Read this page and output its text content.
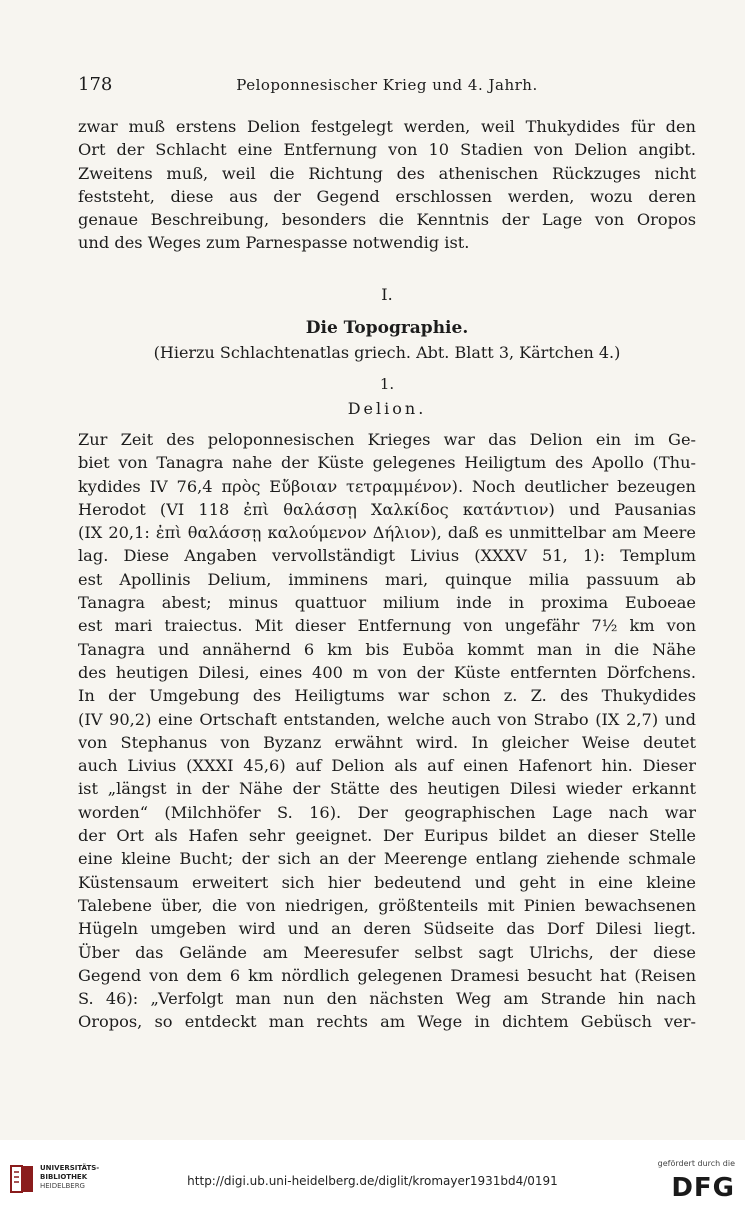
178	Peloponnesischer Krieg und 4. Jahrh.
zwar muß erstens Delion festgelegt werden, weil Thukydides für den
Ort der Schlacht eine Entfernung von 10 Stadien von Delion angibt.
Zweitens muß, weil die Richtung des athenischen Rückzuges nicht
feststeht, diese aus der Gegend erschlossen werden, wozu deren
genaue Beschreibung, besonders die Kenntnis der Lage von Oropos
und des Weges zum Parnespasse notwendig ist.
I.
Die Topographie.
(Hierzu Schlachtenatlas griech. Abt. Blatt 3, Kärtchen 4.)
1.
Delion.
Zur Zeit des peloponnesischen Krieges war das Delion ein im Ge-
biet von Tanagra nahe der Küste gelegenes Heiligtum des Apollo (Thu-
kydides IV 76,4 πρὸς Εὔβοιαν τετραμμένον). Noch deutlicher bezeugen
Herodot (VI 118 ἐπὶ θαλάσσῃ Χαλκίδος κατάντιον) und Pausanias
(IX 20,1: ἐπὶ θαλάσσῃ καλούμενον Δήλιον), daß es unmittelbar am Meere
lag. Diese Angaben vervollständigt Livius (XXXV 51, 1): Templum
est Apollinis Delium, imminens mari, quinque milia passuum ab
Tanagra abest; minus quattuor milium inde in proxima Euboeae
est mari traiectus. Mit dieser Entfernung von ungefähr 7½ km von
Tanagra und annähernd 6 km bis Euböa kommt man in die Nähe
des heutigen Dilesi, eines 400 m von der Küste entfernten Dörfchens.
In der Umgebung des Heiligtums war schon z. Z. des Thukydides
(IV 90,2) eine Ortschaft entstanden, welche auch von Strabo (IX 2,7) und
von Stephanus von Byzanz erwähnt wird. In gleicher Weise deutet
auch Livius (XXXI 45,6) auf Delion als auf einen Hafenort hin. Dieser
ist „längst in der Nähe der Stätte des heutigen Dilesi wieder erkannt
worden“ (Milchhöfer S. 16). Der geographischen Lage nach war
der Ort als Hafen sehr geeignet. Der Euripus bildet an dieser Stelle
eine kleine Bucht; der sich an der Meerenge entlang ziehende schmale
Küstensaum erweitert sich hier bedeutend und geht in eine kleine
Talebene über, die von niedrigen, größtenteils mit Pinien bewachsenen
Hügeln umgeben wird und an deren Südseite das Dorf Dilesi liegt.
Über das Gelände am Meeresufer selbst sagt Ulrichs, der diese
Gegend von dem 6 km nördlich gelegenen Dramesi besucht hat (Reisen
S. 46): „Verfolgt man nun den nächsten Weg am Strande hin nach
Oropos, so entdeckt man rechts am Wege in dichtem Gebüsch ver-
UNIVERSITÄTS-
BIBLIOTHEK
HEIDELBERG	http://digi.ub.uni-heidelberg.de/diglit/kromayer1931bd4/0191
gefördert durch die
DFG
